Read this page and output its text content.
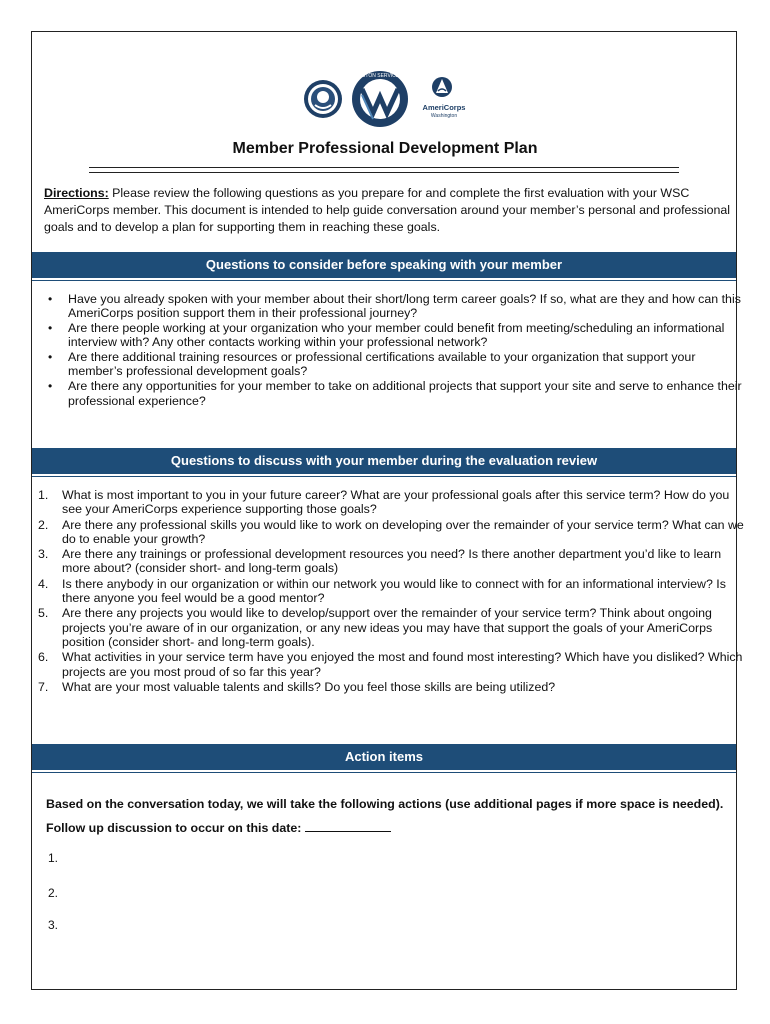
WASHINGTON SERVICE CORPS
AmeriCorps
Washington
Member Professional Development Plan
Directions: Please review the following questions as you prepare for and complete the first evaluation with your WSC AmeriCorps member. This document is intended to help guide conversation around your member’s personal and professional goals and to develop a plan for supporting them in reaching these goals.
Questions to consider before speaking with your member
• Have you already spoken with your member about their short/long term career goals? If so, what are they and how can this AmeriCorps position support them in their professional journey?
• Are there people working at your organization who your member could benefit from meeting/scheduling an informational interview with? Any other contacts working within your professional network?
• Are there additional training resources or professional certifications available to your organization that support your member’s professional development goals?
• Are there any opportunities for your member to take on additional projects that support your site and serve to enhance their professional experience?
Questions to discuss with your member during the evaluation review
1. What is most important to you in your future career? What are your professional goals after this service term? How do you see your AmeriCorps experience supporting those goals?
2. Are there any professional skills you would like to work on developing over the remainder of your service term? What can we do to enable your growth?
3. Are there any trainings or professional development resources you need? Is there another department you’d like to learn more about? (consider short- and long-term goals)
4. Is there anybody in our organization or within our network you would like to connect with for an informational interview? Is there anyone you feel would be a good mentor?
5. Are there any projects you would like to develop/support over the remainder of your service term? Think about ongoing projects you’re aware of in our organization, or any new ideas you may have that support the goals of your AmeriCorps position (consider short- and long-term goals).
6. What activities in your service term have you enjoyed the most and found most interesting? Which have you disliked? Which projects are you most proud of so far this year?
7. What are your most valuable talents and skills? Do you feel those skills are being utilized?
Action items
Based on the conversation today, we will take the following actions (use additional pages if more space is needed). Follow up discussion to occur on this date:
1.
2.
3.
